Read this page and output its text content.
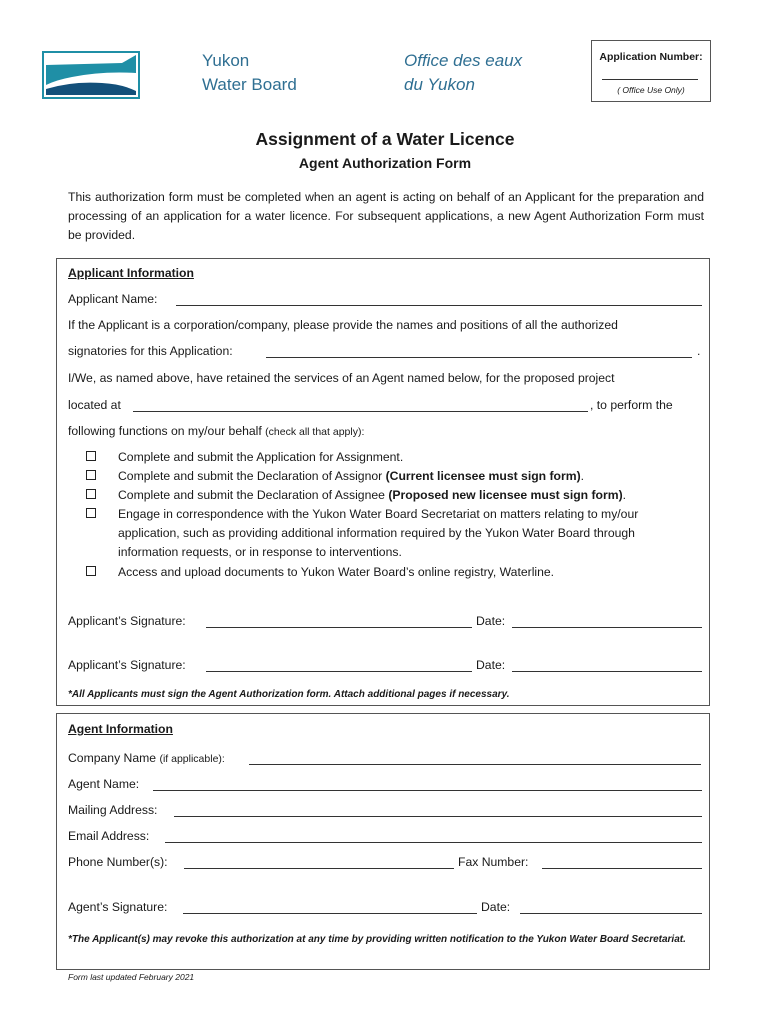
Yukon
Water Board
Office des eaux
du Yukon
Application Number:
( Office Use Only)
Assignment of a Water Licence
Agent Authorization Form
This authorization form must be completed when an agent is acting on behalf of an Applicant for the preparation and processing of an application for a water licence. For subsequent applications, a new Agent Authorization Form must be provided.
Applicant Information
Applicant Name:
If the Applicant is a corporation/company, please provide the names and positions of all the authorized
signatories for this Application:	.
I/We, as named above, have retained the services of an Agent named below, for the proposed project
located at	, to perform the
following functions on my/our behalf (check all that apply):
Complete and submit the Application for Assignment.
Complete and submit the Declaration of Assignor (Current licensee must sign form).
Complete and submit the Declaration of Assignee (Proposed new licensee must sign form).
Engage in correspondence with the Yukon Water Board Secretariat on matters relating to my/our application, such as providing additional information required by the Yukon Water Board through information requests, or in response to interventions.
Access and upload documents to Yukon Water Board’s online registry, Waterline.
Applicant’s Signature:	Date:
Applicant’s Signature:	Date:
*All Applicants must sign the Agent Authorization form. Attach additional pages if necessary.
Agent Information
Company Name (if applicable):
Agent Name:
Mailing Address:
Email Address:
Phone Number(s):	Fax Number:
Agent’s Signature:	Date:
*The Applicant(s) may revoke this authorization at any time by providing written notification to the Yukon Water Board Secretariat.
Form last updated February 2021
